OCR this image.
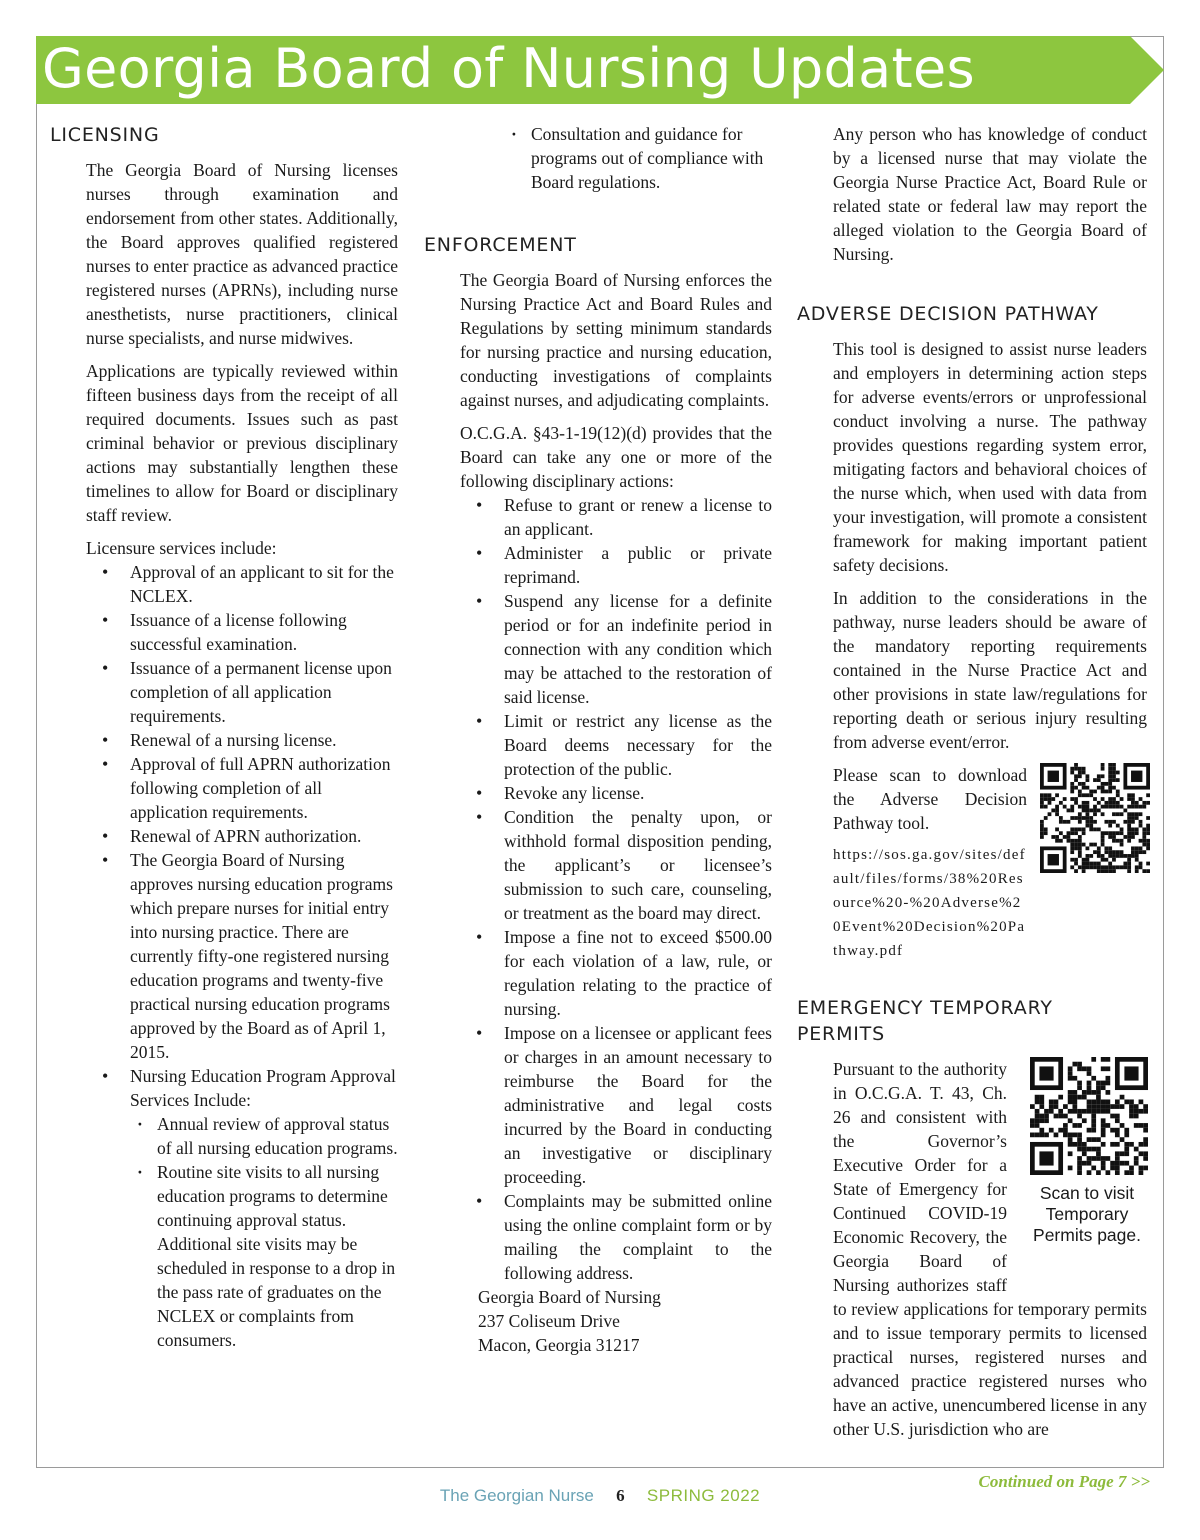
Georgia Board of Nursing Updates
LICENSING

The Georgia Board of Nursing licenses nurses through examination and endorsement from other states. Additionally, the Board approves qualified registered nurses to enter practice as advanced practice registered nurses (APRNs), including nurse anesthetists, nurse practitioners, clinical nurse specialists, and nurse midwives.

Applications are typically reviewed within fifteen business days from the receipt of all required documents. Issues such as past criminal behavior or previous disciplinary actions may substantially lengthen these timelines to allow for Board or disciplinary staff review.

Licensure services include:
• Approval of an applicant to sit for the NCLEX.
• Issuance of a license following successful examination.
• Issuance of a permanent license upon completion of all application requirements.
• Renewal of a nursing license.
• Approval of full APRN authorization following completion of all application requirements.
• Renewal of APRN authorization.
• The Georgia Board of Nursing approves nursing education programs which prepare nurses for initial entry into nursing practice. There are currently fifty-one registered nursing education programs and twenty-five practical nursing education programs approved by the Board as of April 1, 2015.
• Nursing Education Program Approval Services Include:
· Annual review of approval status of all nursing education programs.
· Routine site visits to all nursing education programs to determine continuing approval status. Additional site visits may be scheduled in response to a drop in the pass rate of graduates on the NCLEX or complaints from consumers.
· Consultation and guidance for programs out of compliance with Board regulations.
ENFORCEMENT

The Georgia Board of Nursing enforces the Nursing Practice Act and Board Rules and Regulations by setting minimum standards for nursing practice and nursing education, conducting investigations of complaints against nurses, and adjudicating complaints.

O.C.G.A. §43-1-19(12)(d) provides that the Board can take any one or more of the following disciplinary actions:

• Refuse to grant or renew a license to an applicant.
• Administer a public or private reprimand.
• Suspend any license for a definite period or for an indefinite period in connection with any condition which may be attached to the restoration of said license.
• Limit or restrict any license as the Board deems necessary for the protection of the public.
• Revoke any license.
• Condition the penalty upon, or withhold formal disposition pending, the applicant’s or licensee’s submission to such care, counseling, or treatment as the board may direct.
• Impose a fine not to exceed $500.00 for each violation of a law, rule, or regulation relating to the practice of nursing.
• Impose on a licensee or applicant fees or charges in an amount necessary to reimburse the Board for the administrative and legal costs incurred by the Board in conducting an investigative or disciplinary proceeding.
• Complaints may be submitted online using the online complaint form or by mailing the complaint to the following address.
Georgia Board of Nursing
237 Coliseum Drive
Macon, Georgia 31217

Any person who has knowledge of conduct by a licensed nurse that may violate the Georgia Nurse Practice Act, Board Rule or related state or federal law may report the alleged violation to the Georgia Board of Nursing.

ADVERSE DECISION PATHWAY

This tool is designed to assist nurse leaders and employers in determining action steps for adverse events/errors or unprofessional conduct involving a nurse. The pathway provides questions regarding system error, mitigating factors and behavioral choices of the nurse which, when used with data from your investigation, will promote a consistent framework for making important patient safety decisions.

In addition to the considerations in the pathway, nurse leaders should be aware of the mandatory reporting requirements contained in the Nurse Practice Act and other provisions in state law/regulations for reporting death or serious injury resulting from adverse event/error.

Please scan to download the Adverse Decision Pathway tool.
https://sos.ga.gov/sites/default/files/forms/38%20Resource%20-%20Adverse%20Event%20Decision%20Pathway.pdf
EMERGENCY TEMPORARY PERMITS
Scan to visit Temporary Permits page.

Pursuant to the authority in O.C.G.A. T. 43, Ch. 26 and consistent with the Governor’s Executive Order for a State of Emergency for Continued COVID-19 Economic Recovery, the Georgia Board of Nursing authorizes staff to review applications for temporary permits and to issue temporary permits to licensed practical nurses, registered nurses and advanced practice registered nurses who have an active, unencumbered license in any other U.S. jurisdiction who are

Continued on Page 7 >>
The Georgian Nurse 6 SPRING 2022
